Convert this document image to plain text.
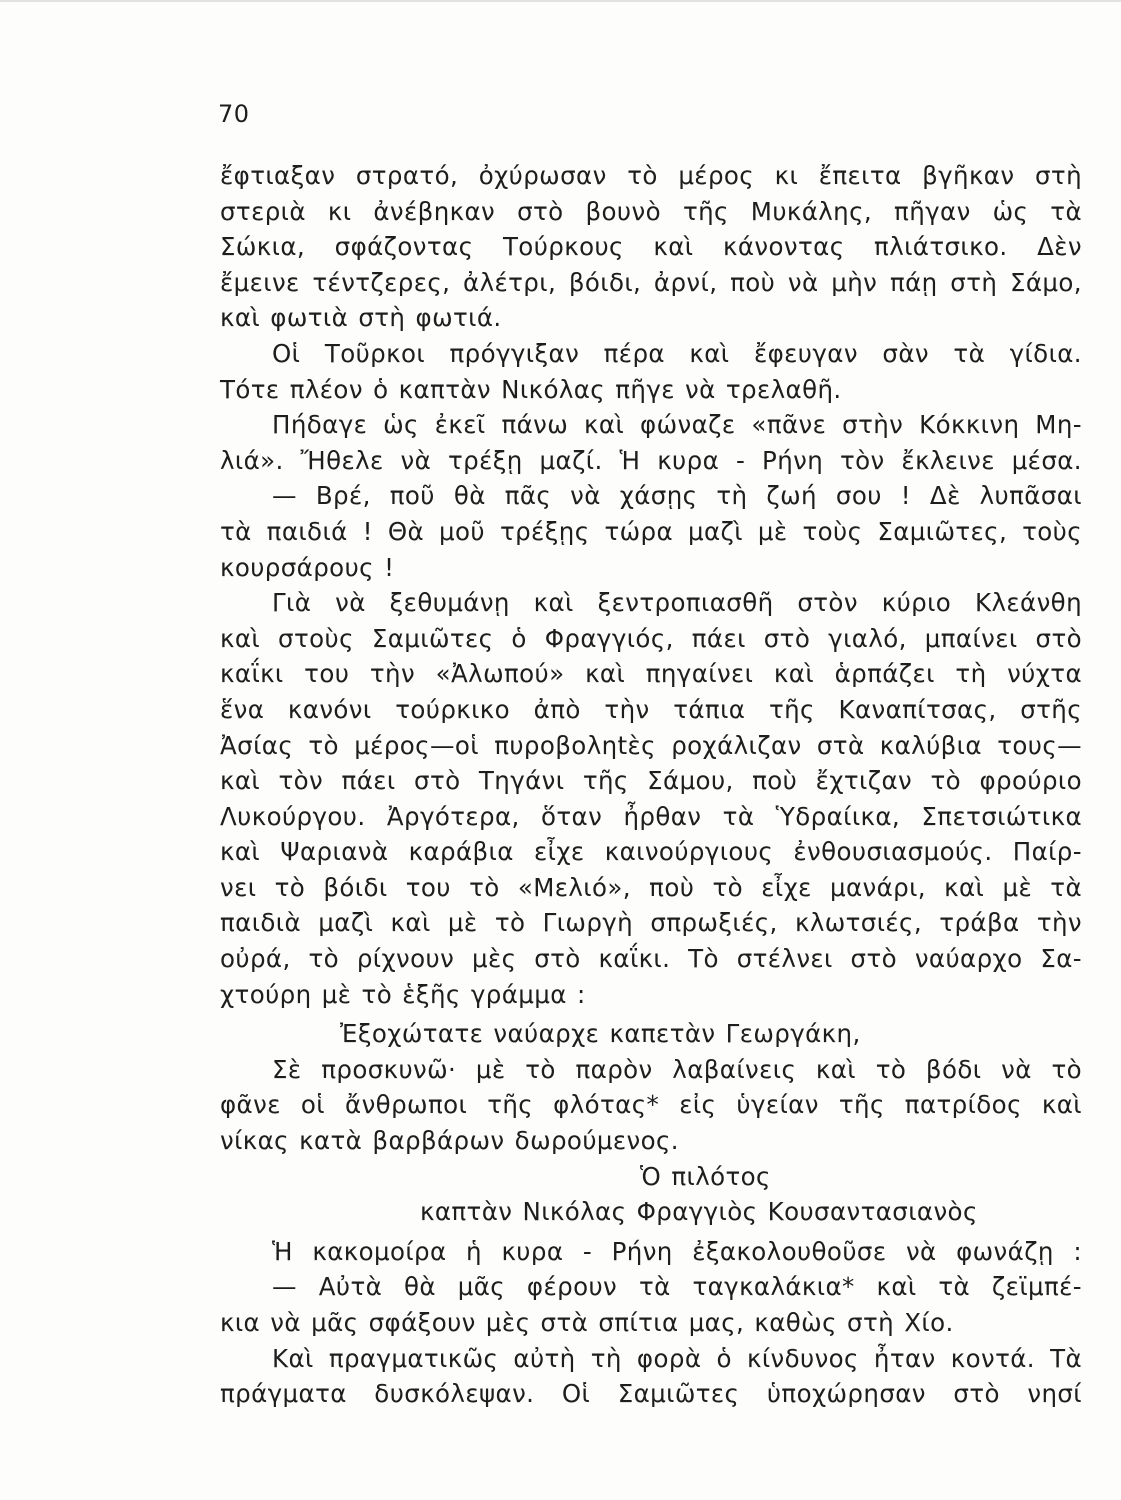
70
ἔφτιαξαν στρατό, ὀχύρωσαν τὸ μέρος κι ἔπειτα βγῆκαν στὴ
στεριὰ κι ἀνέβηκαν στὸ βουνὸ τῆς Μυκάλης, πῆγαν ὡς τὰ
Σώκια, σφάζοντας Τούρκους καὶ κάνοντας πλιάτσικο. Δὲν
ἔμεινε τέντζερες, ἀλέτρι, βόιδι, ἀρνί, ποὺ νὰ μὴν πάῃ στὴ Σάμο,
καὶ φωτιὰ στὴ φωτιά.
Οἱ Τοῦρκοι πρόγγιξαν πέρα καὶ ἔφευγαν σὰν τὰ γίδια.
Τότε πλέον ὁ καπτὰν Νικόλας πῆγε νὰ τρελαθῆ.
Πήδαγε ὡς ἐκεῖ πάνω καὶ φώναζε «πᾶνε στὴν Κόκκινη Μη-
λιά». Ἤθελε νὰ τρέξῃ μαζί. Ἡ κυρα - Ρήνη τὸν ἔκλεινε μέσα.
— Βρέ, ποῦ θὰ πᾶς νὰ χάσῃς τὴ ζωή σου ! Δὲ λυπᾶσαι
τὰ παιδιά ! Θὰ μοῦ τρέξῃς τώρα μαζὶ μὲ τοὺς Σαμιῶτες, τοὺς
κουρσάρους !
Γιὰ νὰ ξεθυμάνῃ καὶ ξεντροπιασθῆ στὸν κύριο Κλεάνθη
καὶ στοὺς Σαμιῶτες ὁ Φραγγιός, πάει στὸ γιαλό, μπαίνει στὸ
καΐκι του τὴν «Ἀλωπού» καὶ πηγαίνει καὶ ἁρπάζει τὴ νύχτα
ἕνα κανόνι τούρκικο ἀπὸ τὴν τάπια τῆς Καναπίτσας, στῆς
Ἀσίας τὸ μέρος—οἱ πυροβοληtὲς ροχάλιζαν στὰ καλύβια τους—
καὶ τὸν πάει στὸ Τηγάνι τῆς Σάμου, ποὺ ἔχτιζαν τὸ φρούριο
Λυκούργου. Ἀργότερα, ὅταν ἦρθαν τὰ Ὑδραίικα, Σπετσιώτικα
καὶ Ψαριανὰ καράβια εἶχε καινούργιους ἐνθουσιασμούς. Παίρ-
νει τὸ βόιδι του τὸ «Μελιό», ποὺ τὸ εἶχε μανάρι, καὶ μὲ τὰ
παιδιὰ μαζὶ καὶ μὲ τὸ Γιωργὴ σπρωξιές, κλωτσιές, τράβα τὴν
οὐρά, τὸ ρίχνουν μὲς στὸ καΐκι. Τὸ στέλνει στὸ ναύαρχο Σα-
χτούρη μὲ τὸ ἑξῆς γράμμα :
Ἐξοχώτατε ναύαρχε καπετὰν Γεωργάκη,
Σὲ προσκυνῶ· μὲ τὸ παρὸν λαβαίνεις καὶ τὸ βόδι νὰ τὸ
φᾶνε οἱ ἄνθρωποι τῆς φλότας* εἰς ὑγείαν τῆς πατρίδος καὶ
νίκας κατὰ βαρβάρων δωρούμενος.
Ὁ πιλότος
καπτὰν Νικόλας Φραγγιὸς Κουσαντασιανὸς
Ἡ κακομοίρα ἡ κυρα - Ρήνη ἐξακολουθοῦσε νὰ φωνάζῃ :
— Αὐτὰ θὰ μᾶς φέρουν τὰ ταγκαλάκια* καὶ τὰ ζεϊμπέ-
κια νὰ μᾶς σφάξουν μὲς στὰ σπίτια μας, καθὼς στὴ Χίο.
Καὶ πραγματικῶς αὐτὴ τὴ φορὰ ὁ κίνδυνος ἦταν κοντά. Τὰ
πράγματα δυσκόλεψαν. Οἱ Σαμιῶτες ὑποχώρησαν στὸ νησί
